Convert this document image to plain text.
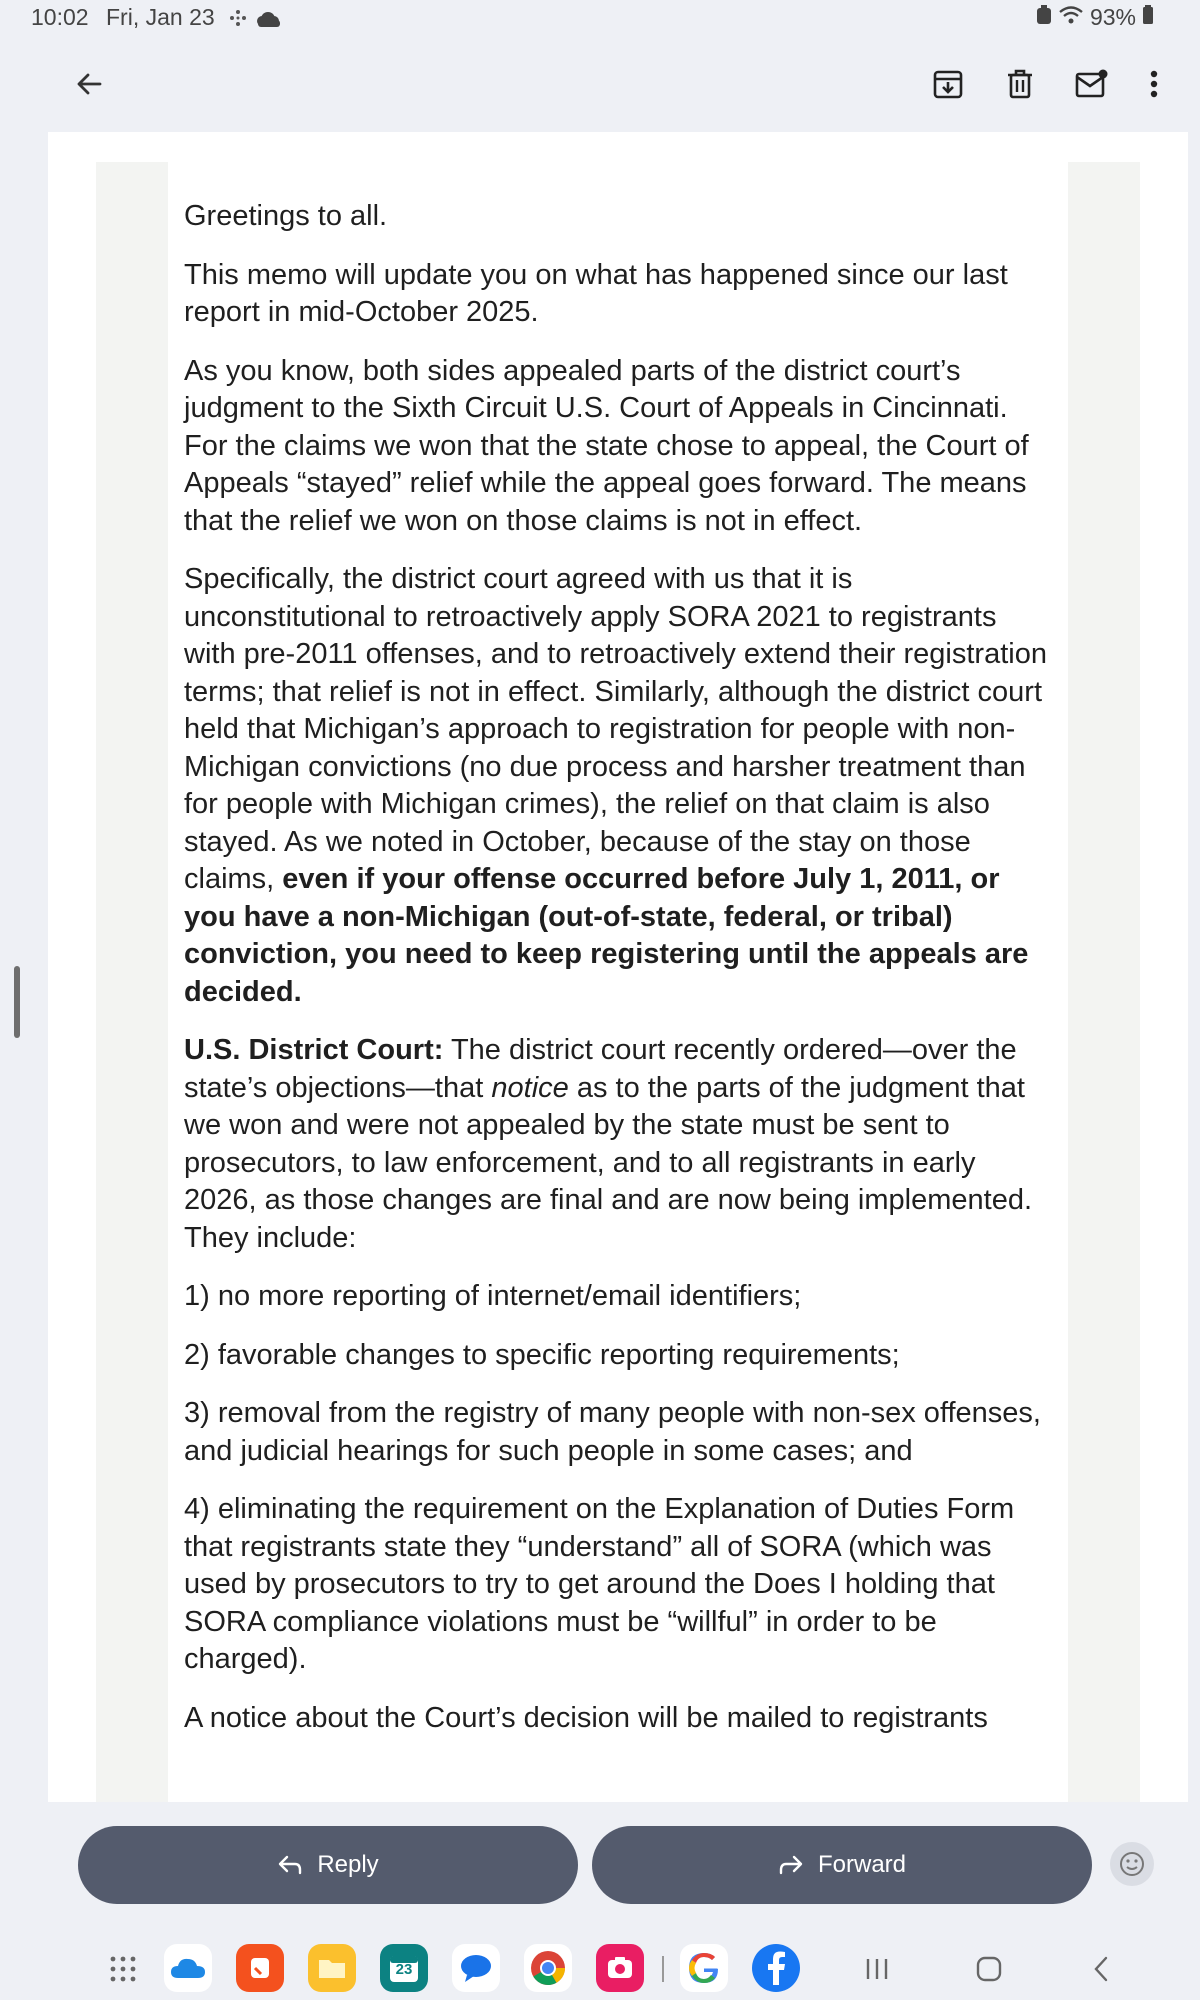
10:02 Fri, Jan 23	93%

Greetings to all.

This memo will update you on what has happened since our last report in mid-October 2025.

As you know, both sides appealed parts of the district court’s judgment to the Sixth Circuit U.S. Court of Appeals in Cincinnati. For the claims we won that the state chose to appeal, the Court of Appeals “stayed” relief while the appeal goes forward. The means that the relief we won on those claims is not in effect.

Specifically, the district court agreed with us that it is unconstitutional to retroactively apply SORA 2021 to registrants with pre-2011 offenses, and to retroactively extend their registration terms; that relief is not in effect. Similarly, although the district court held that Michigan’s approach to registration for people with non-Michigan convictions (no due process and harsher treatment than for people with Michigan crimes), the relief on that claim is also stayed. As we noted in October, because of the stay on those claims, even if your offense occurred before July 1, 2011, or you have a non-Michigan (out-of-state, federal, or tribal) conviction, you need to keep registering until the appeals are decided.

U.S. District Court: The district court recently ordered—over the state’s objections—that notice as to the parts of the judgment that we won and were not appealed by the state must be sent to prosecutors, to law enforcement, and to all registrants in early 2026, as those changes are final and are now being implemented. They include:

1) no more reporting of internet/email identifiers;

2) favorable changes to specific reporting requirements;

3) removal from the registry of many people with non-sex offenses, and judicial hearings for such people in some cases; and

4) eliminating the requirement on the Explanation of Duties Form that registrants state they “understand” all of SORA (which was used by prosecutors to try to get around the Does I holding that SORA compliance violations must be “willful” in order to be charged).

A notice about the Court’s decision will be mailed to registrants

Reply	Forward
23
